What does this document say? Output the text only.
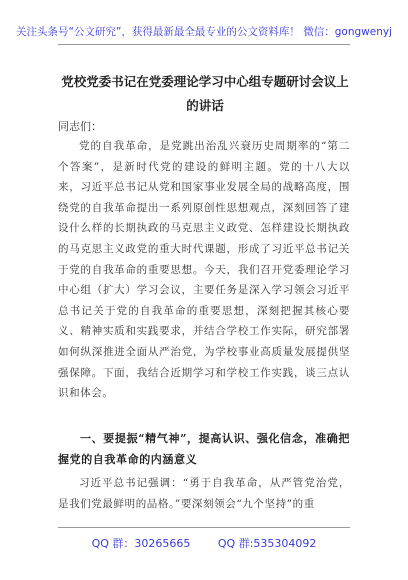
关注头条号“公文研究”，获得最新最全最专业的公文资料库！ 微信：gongwenyj
党校党委书记在党委理论学习中心组专题研讨会议上的讲话
同志们：

党的自我革命，是党跳出治乱兴衰历史周期率的“第二个答案”，是新时代党的建设的鲜明主题。党的十八大以来，习近平总书记从党和国家事业发展全局的战略高度，围绕党的自我革命提出一系列原创性思想观点，深刻回答了建设什么样的长期执政的马克思主义政党、怎样建设长期执政的马克思主义政党的重大时代课题，形成了习近平总书记关于党的自我革命的重要思想。今天，我们召开党委理论学习中心组（扩大）学习会议，主要任务是深入学习领会习近平总书记关于党的自我革命的重要思想，深刻把握其核心要义、精神实质和实践要求，并结合学校工作实际，研究部署如何纵深推进全面从严治党，为学校事业高质量发展提供坚强保障。下面，我结合近期学习和学校工作实践，谈三点认识和体会。

一、要提振“精气神”，提高认识、强化信念，准确把握党的自我革命的内涵意义

习近平总书记强调：“勇于自我革命，从严管党治党，是我们党最鲜明的品格。”要深刻领会“九个坚持”的重

QQ 群：30265665	QQ 群:535304092
